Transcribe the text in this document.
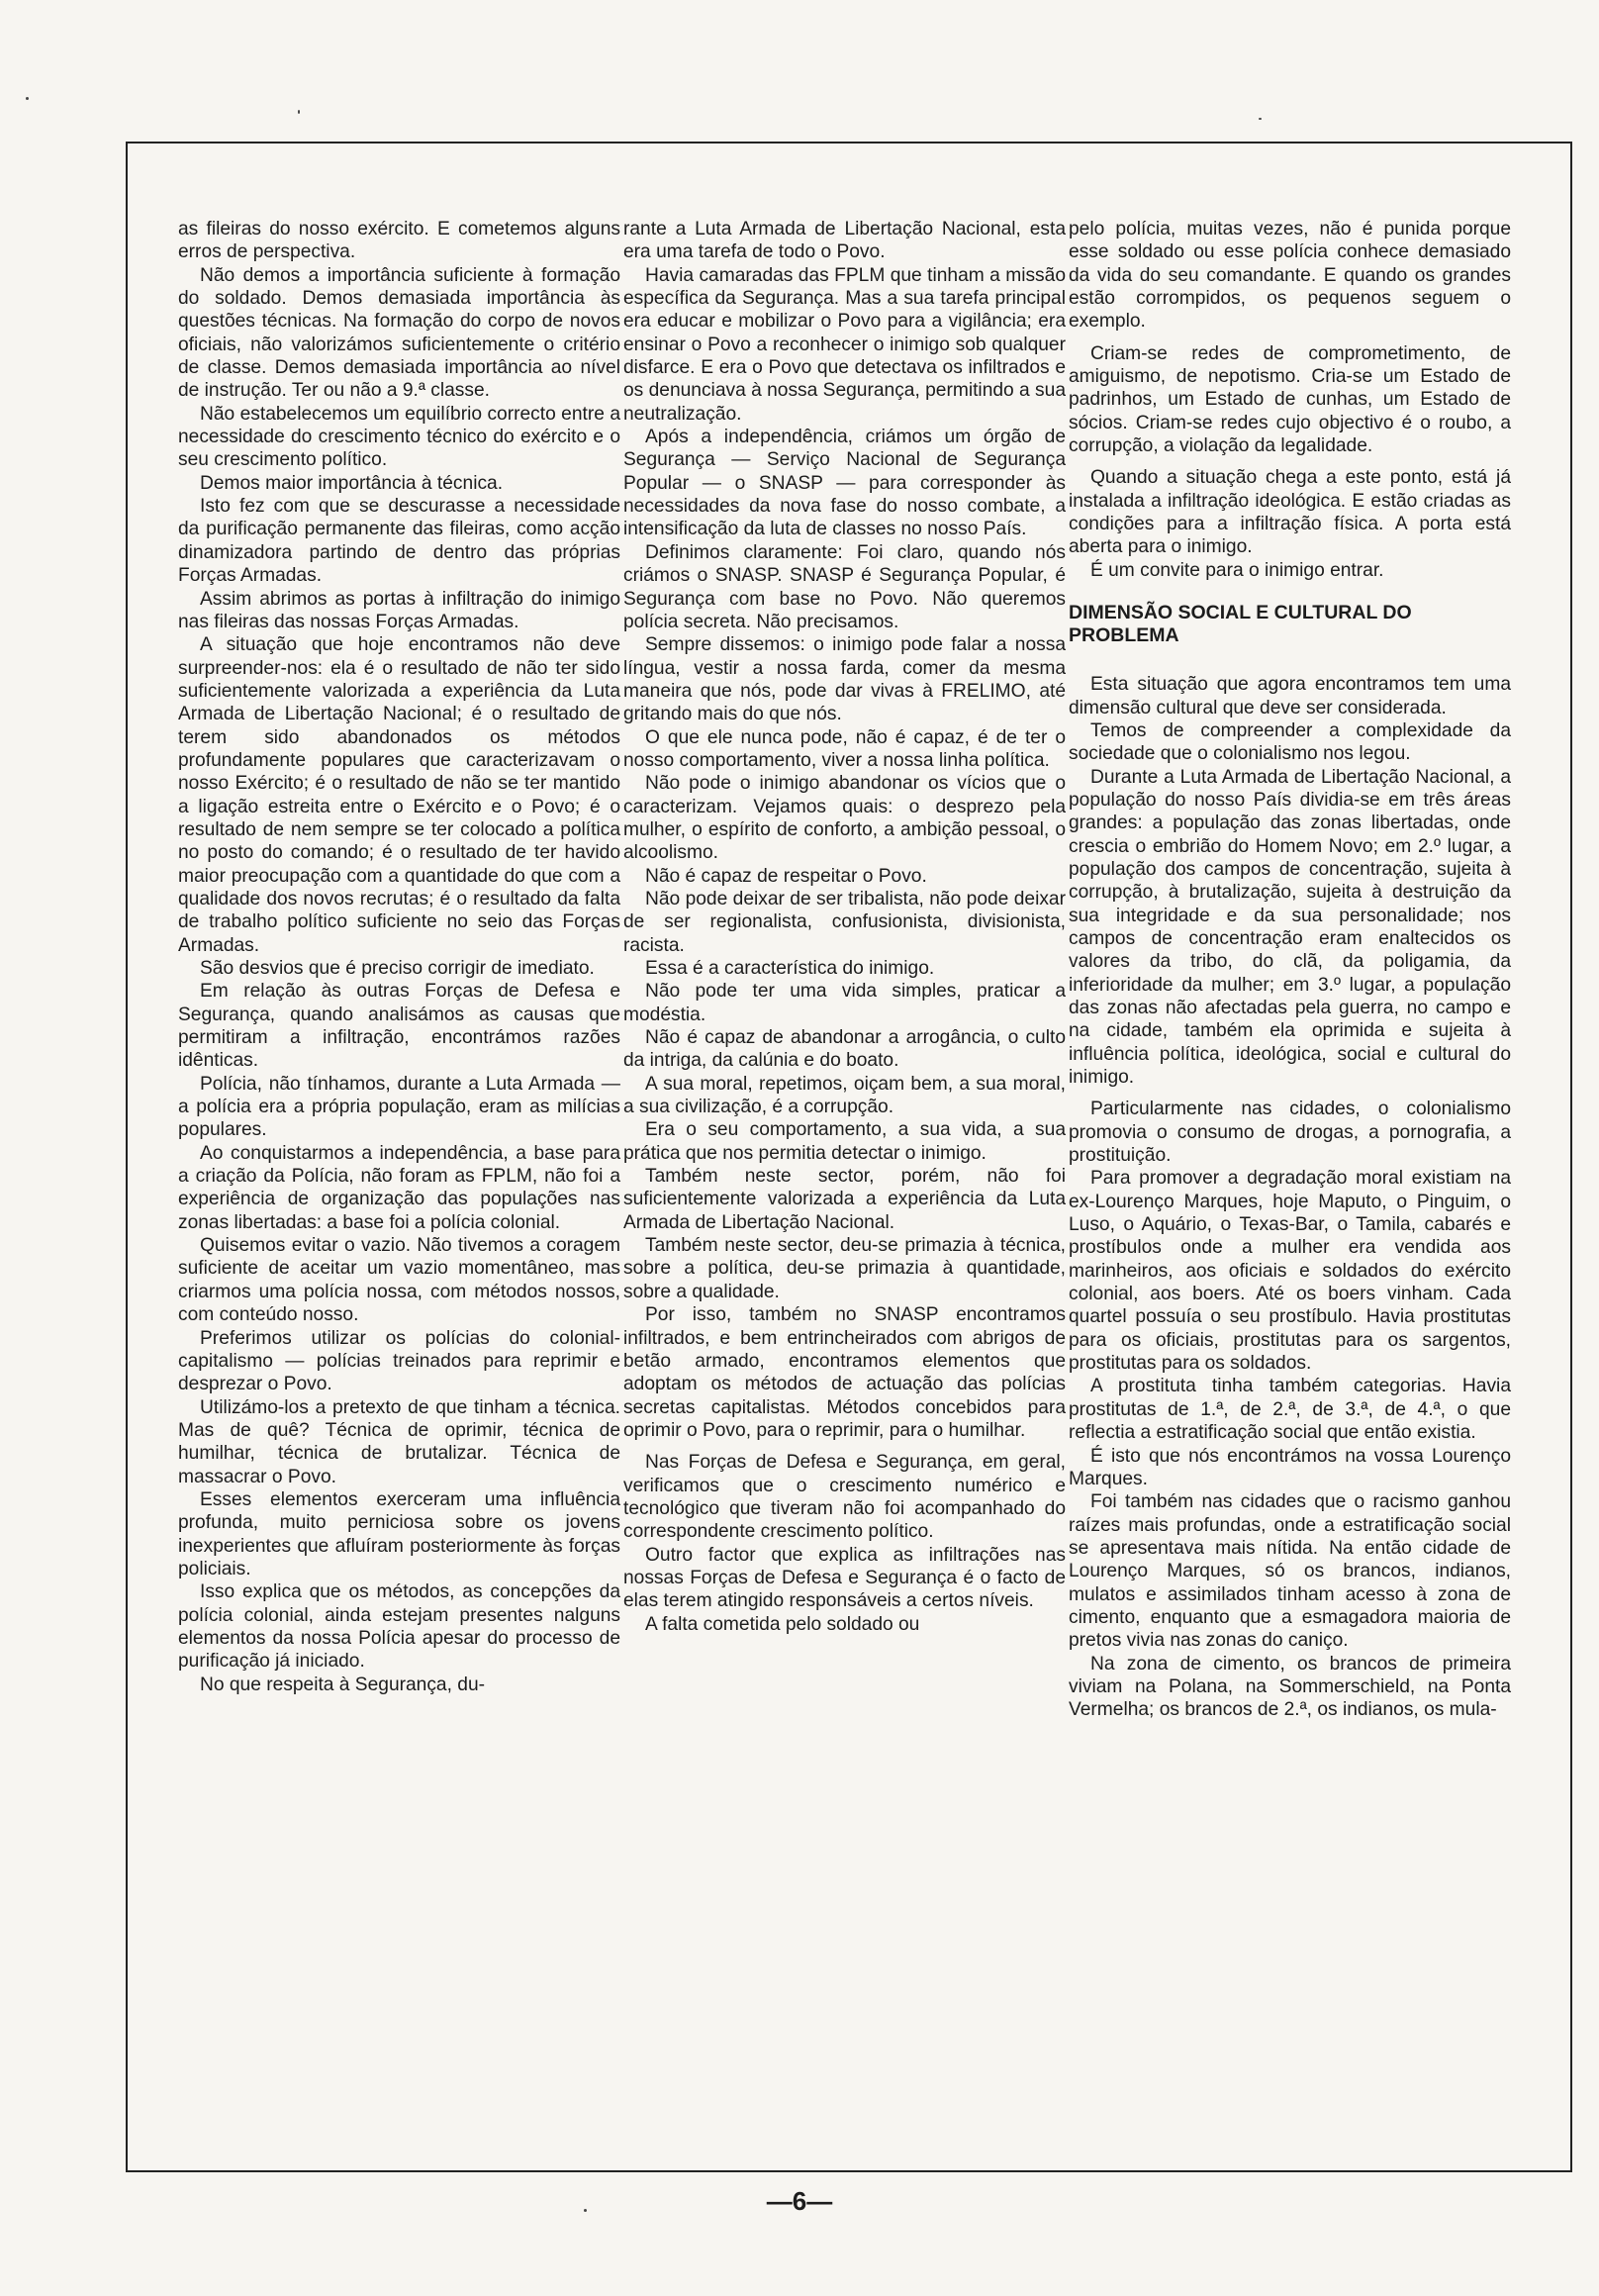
as fileiras do nosso exército. E cometemos alguns erros de perspectiva.

Não demos a importância suficiente à formação do soldado. Demos demasiada importância às questões técnicas. Na formação do corpo de novos oficiais, não valorizámos suficientemente o critério de classe. Demos demasiada importância ao nível de instrução. Ter ou não a 9.ª classe.

Não estabelecemos um equilíbrio correcto entre a necessidade do crescimento técnico do exército e o seu crescimento político.

Demos maior importância à técnica.

Isto fez com que se descurasse a necessidade da purificação permanente das fileiras, como acção dinamizadora partindo de dentro das próprias Forças Armadas.

Assim abrimos as portas à infiltração do inimigo nas fileiras das nossas Forças Armadas.

A situação que hoje encontramos não deve surpreender-nos: ela é o resultado de não ter sido suficientemente valorizada a experiência da Luta Armada de Libertação Nacional; é o resultado de terem sido abandonados os métodos profundamente populares que caracterizavam o nosso Exército; é o resultado de não se ter mantido a ligação estreita entre o Exército e o Povo; é o resultado de nem sempre se ter colocado a política no posto do comando; é o resultado de ter havido maior preocupação com a quantidade do que com a qualidade dos novos recrutas; é o resultado da falta de trabalho político suficiente no seio das Forças Armadas.

São desvios que é preciso corrigir de imediato.

Em relação às outras Forças de Defesa e Segurança, quando analisámos as causas que permitiram a infiltração, encontrámos razões idênticas.

Polícia, não tínhamos, durante a Luta Armada — a polícia era a própria população, eram as milícias populares.

Ao conquistarmos a independência, a base para a criação da Polícia, não foram as FPLM, não foi a experiência de organização das populações nas zonas libertadas: a base foi a polícia colonial.

Quisemos evitar o vazio. Não tivemos a coragem suficiente de aceitar um vazio momentâneo, mas criarmos uma polícia nossa, com métodos nossos, com conteúdo nosso.

Preferimos utilizar os polícias do colonial-capitalismo — polícias treinados para reprimir e desprezar o Povo.

Utilizámo-los a pretexto de que tinham a técnica. Mas de quê? Técnica de oprimir, técnica de humilhar, técnica de brutalizar. Técnica de massacrar o Povo.

Esses elementos exerceram uma influência profunda, muito perniciosa sobre os jovens inexperientes que afluíram posteriormente às forças policiais.

Isso explica que os métodos, as concepções da polícia colonial, ainda estejam presentes nalguns elementos da nossa Polícia apesar do processo de purificação já iniciado.

No que respeita à Segurança, du-

rante a Luta Armada de Libertação Nacional, esta era uma tarefa de todo o Povo.

Havia camaradas das FPLM que tinham a missão específica da Segurança. Mas a sua tarefa principal era educar e mobilizar o Povo para a vigilância; era ensinar o Povo a reconhecer o inimigo sob qualquer disfarce. E era o Povo que detectava os infiltrados e os denunciava à nossa Segurança, permitindo a sua neutralização.

Após a independência, criámos um órgão de Segurança — Serviço Nacional de Segurança Popular — o SNASP — para corresponder às necessidades da nova fase do nosso combate, a intensificação da luta de classes no nosso País.

Definimos claramente: Foi claro, quando nós criámos o SNASP. SNASP é Segurança Popular, é Segurança com base no Povo. Não queremos polícia secreta. Não precisamos.

Sempre dissemos: o inimigo pode falar a nossa língua, vestir a nossa farda, comer da mesma maneira que nós, pode dar vivas à FRELIMO, até gritando mais do que nós.

O que ele nunca pode, não é capaz, é de ter o nosso comportamento, viver a nossa linha política.

Não pode o inimigo abandonar os vícios que o caracterizam. Vejamos quais: o desprezo pela mulher, o espírito de conforto, a ambição pessoal, o alcoolismo.

Não é capaz de respeitar o Povo.

Não pode deixar de ser tribalista, não pode deixar de ser regionalista, confusionista, divisionista, racista.

Essa é a característica do inimigo.

Não pode ter uma vida simples, praticar a modéstia.

Não é capaz de abandonar a arrogância, o culto da intriga, da calúnia e do boato.

A sua moral, repetimos, oiçam bem, a sua moral, a sua civilização, é a corrupção.

Era o seu comportamento, a sua vida, a sua prática que nos permitia detectar o inimigo.

Também neste sector, porém, não foi suficientemente valorizada a experiência da Luta Armada de Libertação Nacional.

Também neste sector, deu-se primazia à técnica, sobre a política, deu-se primazia à quantidade, sobre a qualidade.

Por isso, também no SNASP encontramos infiltrados, e bem entrincheirados com abrigos de betão armado, encontramos elementos que adoptam os métodos de actuação das polícias secretas capitalistas. Métodos concebidos para oprimir o Povo, para o reprimir, para o humilhar.

Nas Forças de Defesa e Segurança, em geral, verificamos que o crescimento numérico e tecnológico que tiveram não foi acompanhado do correspondente crescimento político.

Outro factor que explica as infiltrações nas nossas Forças de Defesa e Segurança é o facto de elas terem atingido responsáveis a certos níveis.

A falta cometida pelo soldado ou

pelo polícia, muitas vezes, não é punida porque esse soldado ou esse polícia conhece demasiado da vida do seu comandante. E quando os grandes estão corrompidos, os pequenos seguem o exemplo.

Criam-se redes de comprometimento, de amiguismo, de nepotismo. Cria-se um Estado de padrinhos, um Estado de cunhas, um Estado de sócios. Criam-se redes cujo objectivo é o roubo, a corrupção, a violação da legalidade.

Quando a situação chega a este ponto, está já instalada a infiltração ideológica. E estão criadas as condições para a infiltração física. A porta está aberta para o inimigo.

É um convite para o inimigo entrar.

DIMENSÃO SOCIAL E CULTURAL DO PROBLEMA

Esta situação que agora encontramos tem uma dimensão cultural que deve ser considerada.

Temos de compreender a complexidade da sociedade que o colonialismo nos legou.

Durante a Luta Armada de Libertação Nacional, a população do nosso País dividia-se em três áreas grandes: a população das zonas libertadas, onde crescia o embrião do Homem Novo; em 2.º lugar, a população dos campos de concentração, sujeita à corrupção, à brutalização, sujeita à destruição da sua integridade e da sua personalidade; nos campos de concentração eram enaltecidos os valores da tribo, do clã, da poligamia, da inferioridade da mulher; em 3.º lugar, a população das zonas não afectadas pela guerra, no campo e na cidade, também ela oprimida e sujeita à influência política, ideológica, social e cultural do inimigo.

Particularmente nas cidades, o colonialismo promovia o consumo de drogas, a pornografia, a prostituição.

Para promover a degradação moral existiam na ex-Lourenço Marques, hoje Maputo, o Pinguim, o Luso, o Aquário, o Texas-Bar, o Tamila, cabarés e prostíbulos onde a mulher era vendida aos marinheiros, aos oficiais e soldados do exército colonial, aos boers. Até os boers vinham. Cada quartel possuía o seu prostíbulo. Havia prostitutas para os oficiais, prostitutas para os sargentos, prostitutas para os soldados.

A prostituta tinha também categorias. Havia prostitutas de 1.ª, de 2.ª, de 3.ª, de 4.ª, o que reflectia a estratificação social que então existia.

É isto que nós encontrámos na vossa Lourenço Marques.

Foi também nas cidades que o racismo ganhou raízes mais profundas, onde a estratificação social se apresentava mais nítida. Na então cidade de Lourenço Marques, só os brancos, indianos, mulatos e assimilados tinham acesso à zona de cimento, enquanto que a esmagadora maioria de pretos vivia nas zonas do caniço.

Na zona de cimento, os brancos de primeira viviam na Polana, na Sommerschield, na Ponta Vermelha; os brancos de 2.ª, os indianos, os mula-

—6—
